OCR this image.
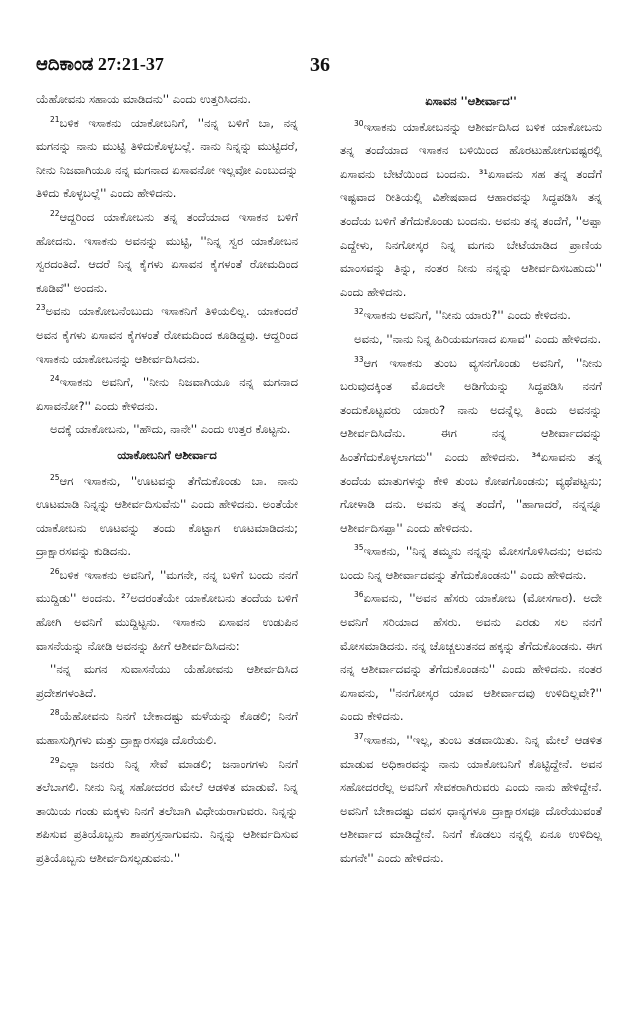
ಆದಿಕಾಂಡ 27:21-37	36

ಯೆಹೋವನು ಸಹಾಯ ಮಾಡಿದನು'' ಎಂದು ಉತ್ತರಿಸಿದನು.

$^{21}$ಬಳಿಕ ಇಸಾಕನು ಯಾಕೋಬನಿಗೆ, ''ನನ್ನ ಬಳಿಗೆ ಬಾ, ನನ್ನ ಮಗನನ್ನು ನಾನು ಮುಟ್ಟಿ ತಿಳಿದುಕೊಳ್ಳಬಲ್ಲೆ. ನಾನು ನಿನ್ನನ್ನು ಮುಟ್ಟಿದರೆ, ನೀನು ನಿಜವಾಗಿಯೂ ನನ್ನ ಮಗನಾದ ಏಸಾವನೋ ಇಲ್ಲವೋ ಎಂಬುದನ್ನು ತಿಳಿದು ಕೊಳ್ಳಬಲ್ಲೆ'' ಎಂದು ಹೇಳಿದನು.

$^{22}$ಆದ್ದರಿಂದ ಯಾಕೋಬನು ತನ್ನ ತಂದೆಯಾದ ಇಸಾಕನ ಬಳಿಗೆ ಹೋದನು. ಇಸಾಕನು ಅವನನ್ನು ಮುಟ್ಟಿ, ''ನಿನ್ನ ಸ್ವರ ಯಾಕೋಬನ ಸ್ವರದಂತಿದೆ. ಆದರೆ ನಿನ್ನ ಕೈಗಳು ಏಸಾವನ ಕೈಗಳಂತೆ ರೋಮದಿಂದ ಕೂಡಿವೆ'' ಅಂದನು.

$^{23}$ಅವನು ಯಾಕೋಬನೆಂಬುದು ಇಸಾಕನಿಗೆ ತಿಳಿಯಲಿಲ್ಲ. ಯಾಕಂದರೆ ಅವನ ಕೈಗಳು ಏಸಾವನ ಕೈಗಳಂತೆ ರೋಮದಿಂದ ಕೂಡಿದ್ದವು. ಆದ್ದರಿಂದ ಇಸಾಕನು ಯಾಕೋಬನನ್ನು ಆಶೀರ್ವದಿಸಿದನು.

$^{24}$ಇಸಾಕನು ಅವನಿಗೆ, ''ನೀನು ನಿಜವಾಗಿಯೂ ನನ್ನ ಮಗನಾದ ಏಸಾವನೋ?'' ಎಂದು ಕೇಳಿದನು.

ಅದಕ್ಕೆ ಯಾಕೋಬನು, ''ಹೌದು, ನಾನೇ'' ಎಂದು ಉತ್ತರ ಕೊಟ್ಟನು.

ಯಾಕೋಬನಿಗೆ ಆಶೀರ್ವಾದ

$^{25}$ಆಗ ಇಸಾಕನು, ''ಊಟವನ್ನು ತೆಗೆದುಕೊಂಡು ಬಾ. ನಾನು ಊಟಮಾಡಿ ನಿನ್ನನ್ನು ಆಶೀರ್ವದಿಸುವೆನು'' ಎಂದು ಹೇಳಿದನು. ಅಂತೆಯೇ ಯಾಕೋಬನು ಊಟವನ್ನು ತಂದು ಕೊಟ್ಟಾಗ ಊಟಮಾಡಿದನು; ದ್ರಾಕ್ಷಾರಸವನ್ನು ಕುಡಿದನು.

$^{26}$ಬಳಿಕ ಇಸಾಕನು ಅವನಿಗೆ, ''ಮಗನೇ, ನನ್ನ ಬಳಿಗೆ ಬಂದು ನನಗೆ ಮುದ್ದಿಡು'' ಅಂದನು. ²⁷ಅದರಂತೆಯೇ ಯಾಕೋಬನು ತಂದೆಯ ಬಳಿಗೆ ಹೋಗಿ ಅವನಿಗೆ ಮುದ್ದಿಟ್ಟನು. ಇಸಾಕನು ಏಸಾವನ ಉಡುಪಿನ ವಾಸನೆಯನ್ನು ನೋಡಿ ಅವನನ್ನು ಹೀಗೆ ಆಶೀರ್ವದಿಸಿದನು:

''ನನ್ನ ಮಗನ ಸುವಾಸನೆಯು ಯೆಹೋವನು ಆಶೀರ್ವದಿಸಿದ ಪ್ರದೇಶಗಳಂತಿದೆ.

$^{28}$ಯೆಹೋವನು ನಿನಗೆ ಬೇಕಾದಷ್ಟು ಮಳೆಯನ್ನು ಕೊಡಲಿ; ನಿನಗೆ ಮಹಾಸುಗ್ಗಿಗಳು ಮತ್ತು ದ್ರಾಕ್ಷಾರಸವೂ ದೊರೆಯಲಿ.

$^{29}$ಎಲ್ಲಾ ಜನರು ನಿನ್ನ ಸೇವೆ ಮಾಡಲಿ; ಜನಾಂಗಗಳು ನಿನಗೆ ತಲೆಬಾಗಲಿ. ನೀನು ನಿನ್ನ ಸಹೋದರರ ಮೇಲೆ ಆಡಳಿತ ಮಾಡುವೆ. ನಿನ್ನ ತಾಯಿಯ ಗಂಡು ಮಕ್ಕಳು ನಿನಗೆ ತಲೆಬಾಗಿ ವಿಧೇಯರಾಗುವರು. ನಿನ್ನನ್ನು ಶಪಿಸುವ ಪ್ರತಿಯೊಬ್ಬನು ಶಾಪಗ್ರಸ್ತನಾಗುವನು. ನಿನ್ನನ್ನು ಆಶೀರ್ವದಿಸುವ ಪ್ರತಿಯೊಬ್ಬನು ಆಶೀರ್ವದಿಸಲ್ಪಡುವನು.''

ಏಸಾವನ ''ಆಶೀರ್ವಾದ''

$^{30}$ಇಸಾಕನು ಯಾಕೋಬನನ್ನು ಆಶೀರ್ವದಿಸಿದ ಬಳಿಕ ಯಾಕೋಬನು ತನ್ನ ತಂದೆಯಾದ ಇಸಾಕನ ಬಳಿಯಿಂದ ಹೊರಟುಹೋಗುವಷ್ಟರಲ್ಲಿ ಏಸಾವನು ಬೇಟೆಯಿಂದ ಬಂದನು. ³¹ಏಸಾವನು ಸಹ ತನ್ನ ತಂದೆಗೆ ಇಷ್ಟವಾದ ರೀತಿಯಲ್ಲಿ ವಿಶೇಷವಾದ ಆಹಾರವನ್ನು ಸಿದ್ಧಪಡಿಸಿ ತನ್ನ ತಂದೆಯ ಬಳಿಗೆ ತೆಗೆದುಕೊಂಡು ಬಂದನು. ಅವನು ತನ್ನ ತಂದೆಗೆ, ''ಅಪ್ಪಾ ಎದ್ದೇಳು, ನಿನಗೋಸ್ಕರ ನಿನ್ನ ಮಗನು ಬೇಟೆಯಾಡಿದ ಪ್ರಾಣಿಯ ಮಾಂಸವನ್ನು ತಿನ್ನು, ನಂತರ ನೀನು ನನ್ನನ್ನು ಆಶೀರ್ವದಿಸಬಹುದು'' ಎಂದು ಹೇಳಿದನು.

$^{32}$ಇಸಾಕನು ಅವನಿಗೆ, ''ನೀನು ಯಾರು?'' ಎಂದು ಕೇಳಿದನು.

ಅವನು, ''ನಾನು ನಿನ್ನ ಹಿರಿಯಮಗನಾದ ಏಸಾವ'' ಎಂದು ಹೇಳಿದನು.

$^{33}$ಆಗ ಇಸಾಕನು ತುಂಬ ವ್ಯಸನಗೊಂಡು ಅವನಿಗೆ, ''ನೀನು ಬರುವುದಕ್ಕಿಂತ ಮೊದಲೇ ಅಡಿಗೆಯನ್ನು ಸಿದ್ಧಪಡಿಸಿ ನನಗೆ ತಂದುಕೊಟ್ಟವರು ಯಾರು? ನಾನು ಅದನ್ನೆಲ್ಲ ತಿಂದು ಅವನನ್ನು ಆಶೀರ್ವದಿಸಿದೆನು. ಈಗ ನನ್ನ ಆಶೀರ್ವಾದವನ್ನು ಹಿಂತೆಗೆದುಕೊಳ್ಳಲಾಗದು'' ಎಂದು ಹೇಳಿದನು. ³⁴ಏಸಾವನು ತನ್ನ ತಂದೆಯ ಮಾತುಗಳನ್ನು ಕೇಳಿ ತುಂಬ ಕೋಪಗೊಂಡನು; ವ್ಯಥೆಪಟ್ಟನು; ಗೋಳಾಡಿ ದನು. ಅವನು ತನ್ನ ತಂದೆಗೆ, ''ಹಾಗಾದರೆ, ನನ್ನನ್ನೂ ಆಶೀರ್ವದಿಸಪ್ಪಾ'' ಎಂದು ಹೇಳಿದನು.

$^{35}$ಇಸಾಕನು, ''ನಿನ್ನ ತಮ್ಮನು ನನ್ನನ್ನು ಮೋಸಗೊಳಿಸಿದನು; ಅವನು ಬಂದು ನಿನ್ನ ಆಶೀರ್ವಾದವನ್ನು ತೆಗೆದುಕೊಂಡನು'' ಎಂದು ಹೇಳಿದನು.

$^{36}$ಏಸಾವನು, ''ಅವನ ಹೆಸರು ಯಾಕೋಬ (ಮೋಸಗಾರ). ಅದೇ ಅವನಿಗೆ ಸರಿಯಾದ ಹೆಸರು. ಅವನು ಎರಡು ಸಲ ನನಗೆ ಮೋಸಮಾಡಿದನು. ನನ್ನ ಚೊಚ್ಚಲುತನದ ಹಕ್ಕನ್ನು ತೆಗೆದುಕೊಂಡನು. ಈಗ ನನ್ನ ಆಶೀರ್ವಾದವನ್ನು ತೆಗೆದುಕೊಂಡನು'' ಎಂದು ಹೇಳಿದನು. ನಂತರ ಏಸಾವನು, ''ನನಗೋಸ್ಕರ ಯಾವ ಆಶೀರ್ವಾದವು ಉಳಿದಿಲ್ಲವೇ?'' ಎಂದು ಕೇಳಿದನು.

$^{37}$ಇಸಾಕನು, ''ಇಲ್ಲ, ತುಂಬ ತಡವಾಯಿತು. ನಿನ್ನ ಮೇಲೆ ಆಡಳಿತ ಮಾಡುವ ಅಧಿಕಾರವನ್ನು ನಾನು ಯಾಕೋಬನಿಗೆ ಕೊಟ್ಟಿದ್ದೇನೆ. ಅವನ ಸಹೋದರರೆಲ್ಲ ಅವನಿಗೆ ಸೇವಕರಾಗಿರುವರು ಎಂದು ನಾನು ಹೇಳಿದ್ದೇನೆ. ಅವನಿಗೆ ಬೇಕಾದಷ್ಟು ದವಸ ಧಾನ್ಯಗಳೂ ದ್ರಾಕ್ಷಾರಸವೂ ದೊರೆಯುವಂತೆ ಆಶೀರ್ವಾದ ಮಾಡಿದ್ದೇನೆ. ನಿನಗೆ ಕೊಡಲು ನನ್ನಲ್ಲಿ ಏನೂ ಉಳಿದಿಲ್ಲ ಮಗನೇ'' ಎಂದು ಹೇಳಿದನು.
